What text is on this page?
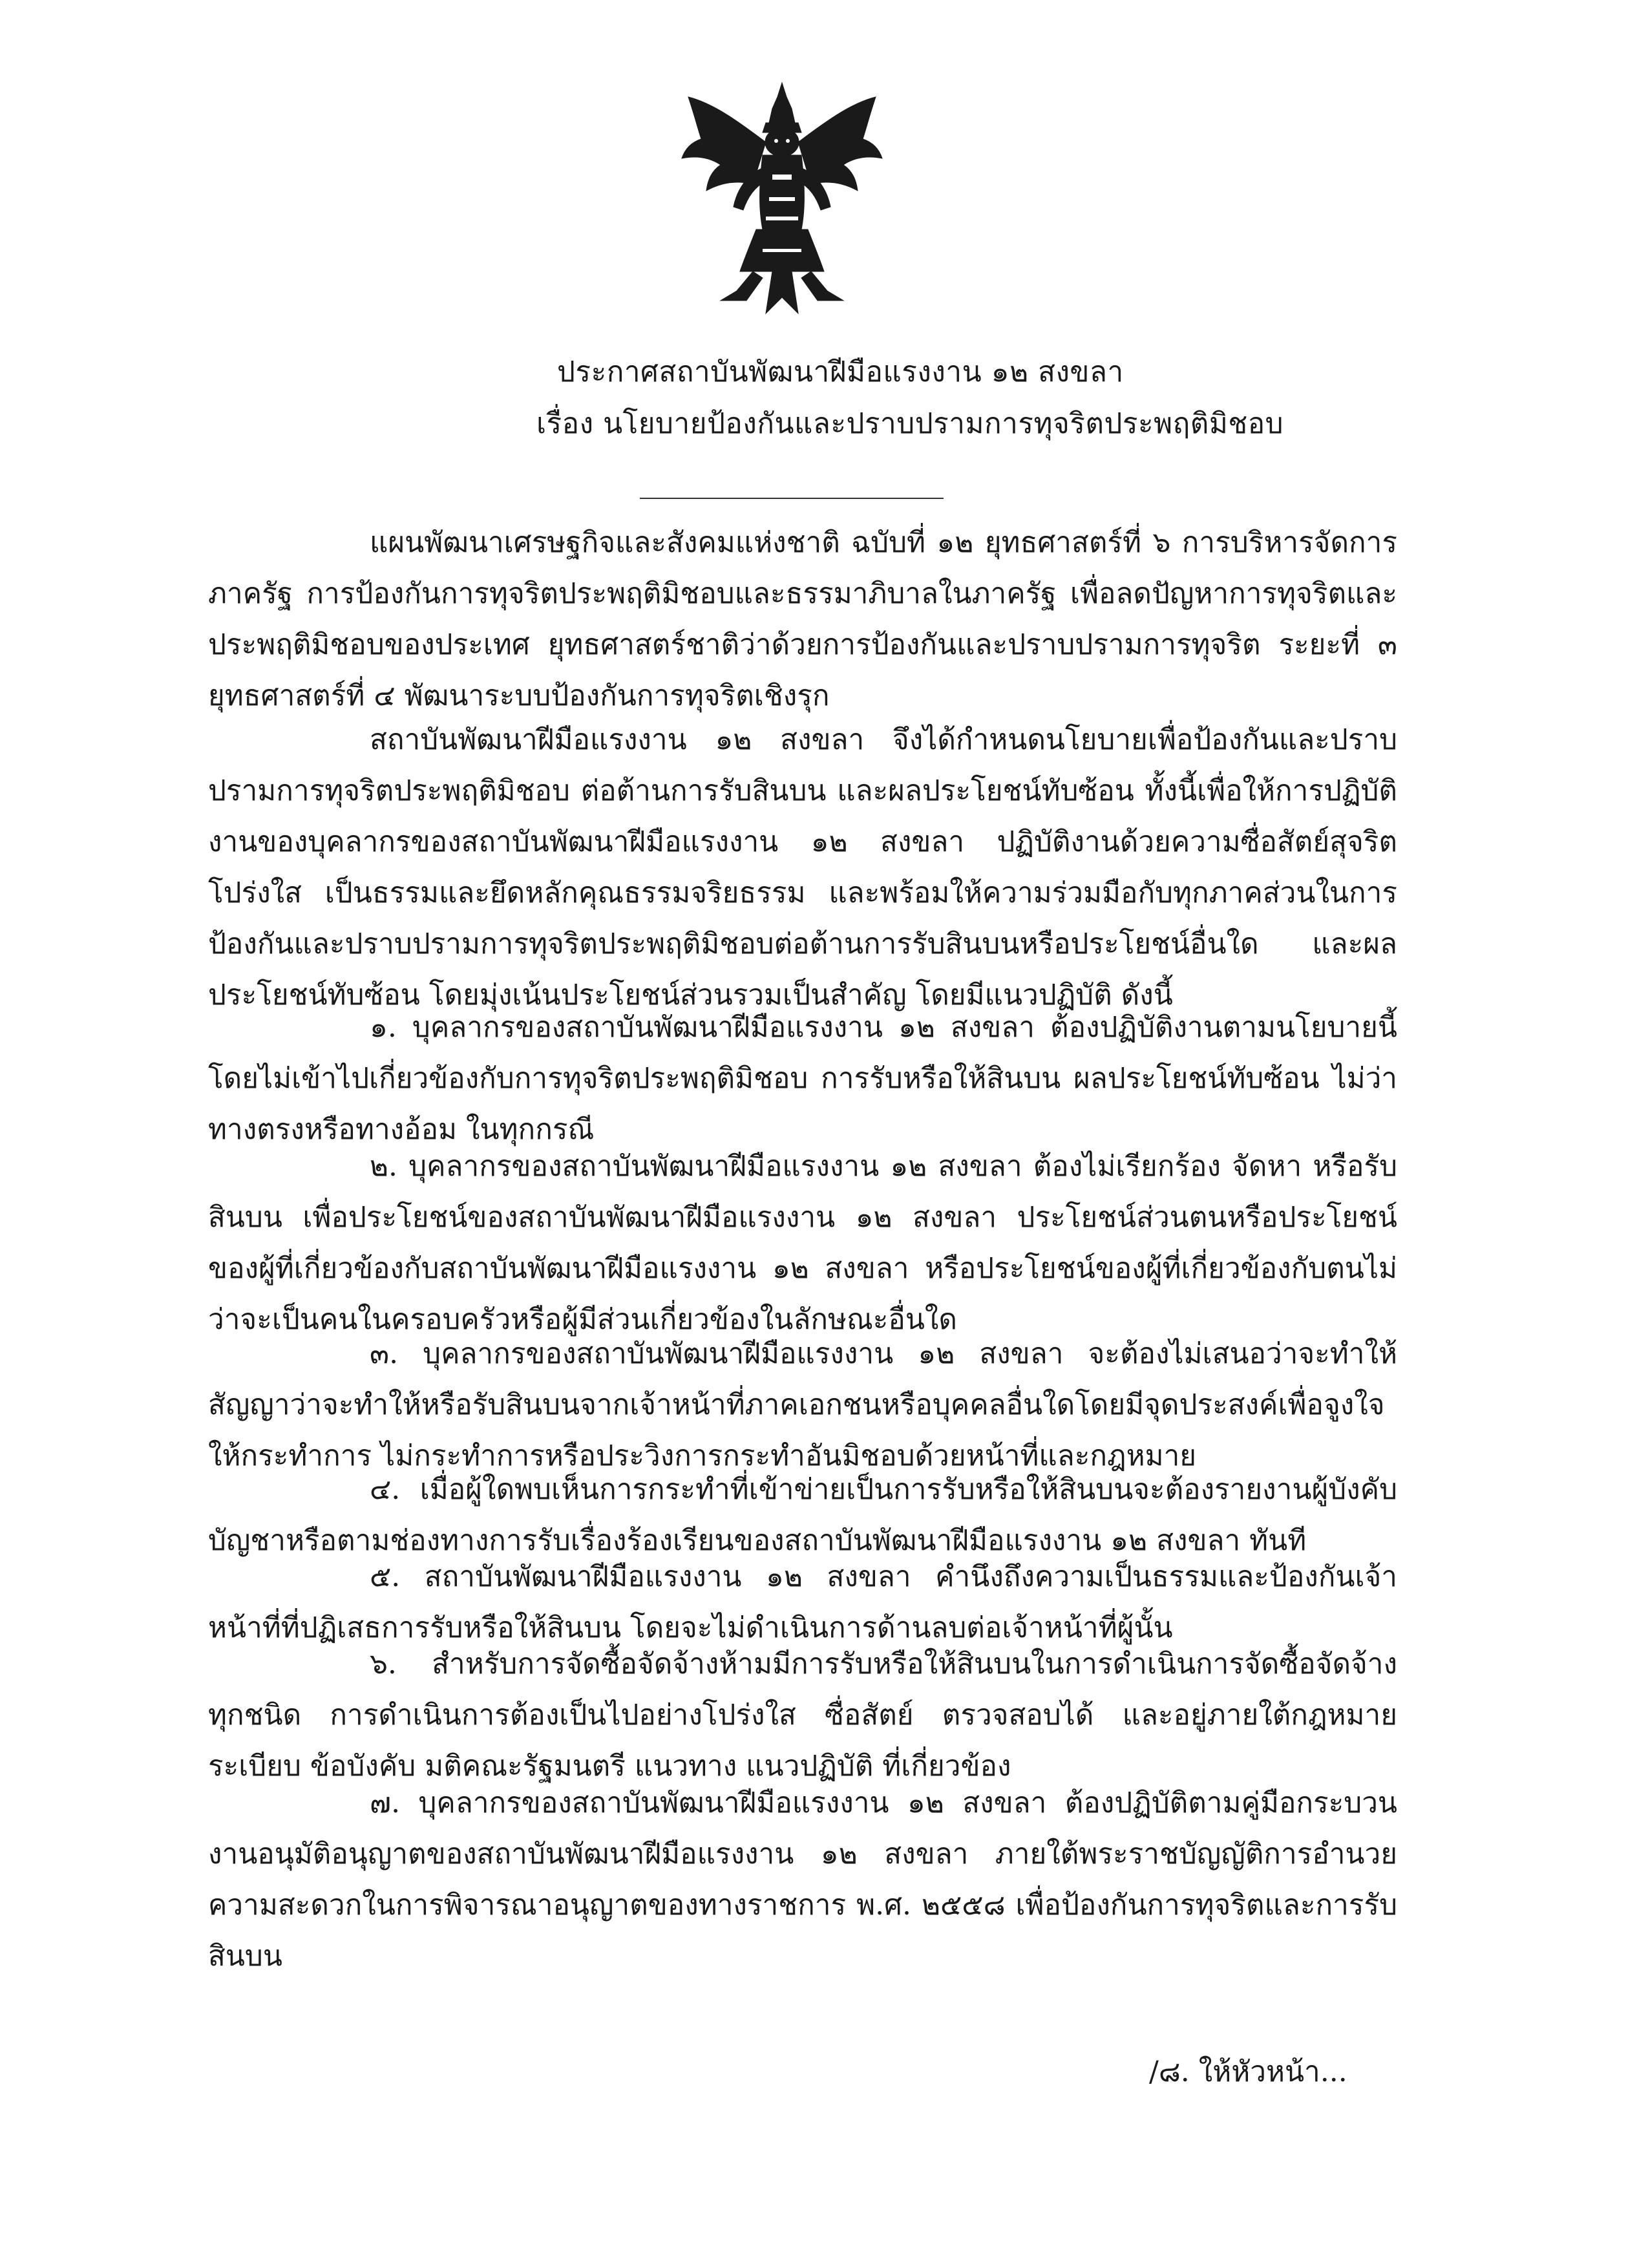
ประกาศสถาบันพัฒนาฝีมือแรงงาน ๑๒ สงขลา
เรื่อง นโยบายป้องกันและปราบปรามการทุจริตประพฤติมิชอบ
แผนพัฒนาเศรษฐกิจและสังคมแห่งชาติ ฉบับที่ ๑๒ ยุทธศาสตร์ที่ ๖ การบริหารจัดการภาครัฐ การป้องกันการทุจริตประพฤติมิชอบและธรรมาภิบาลในภาครัฐ เพื่อลดปัญหาการทุจริตและประพฤติมิชอบของประเทศ ยุทธศาสตร์ชาติว่าด้วยการป้องกันและปราบปรามการทุจริต ระยะที่ ๓ ยุทธศาสตร์ที่ ๔ พัฒนาระบบป้องกันการทุจริตเชิงรุก
สถาบันพัฒนาฝีมือแรงงาน ๑๒ สงขลา จึงได้กำหนดนโยบายเพื่อป้องกันและปราบปรามการทุจริตประพฤติมิชอบ ต่อต้านการรับสินบน และผลประโยชน์ทับซ้อน ทั้งนี้เพื่อให้การปฏิบัติงานของบุคลากรของสถาบันพัฒนาฝีมือแรงงาน ๑๒ สงขลา ปฏิบัติงานด้วยความซื่อสัตย์สุจริต โปร่งใส เป็นธรรมและยึดหลักคุณธรรมจริยธรรม และพร้อมให้ความร่วมมือกับทุกภาคส่วนในการป้องกันและปราบปรามการทุจริตประพฤติมิชอบต่อต้านการรับสินบนหรือประโยชน์อื่นใด และผลประโยชน์ทับซ้อน โดยมุ่งเน้นประโยชน์ส่วนรวมเป็นสำคัญ โดยมีแนวปฏิบัติ ดังนี้
๑. บุคลากรของสถาบันพัฒนาฝีมือแรงงาน ๑๒ สงขลา ต้องปฏิบัติงานตามนโยบายนี้โดยไม่เข้าไปเกี่ยวข้องกับการทุจริตประพฤติมิชอบ การรับหรือให้สินบน ผลประโยชน์ทับซ้อน ไม่ว่าทางตรงหรือทางอ้อม ในทุกกรณี
๒. บุคลากรของสถาบันพัฒนาฝีมือแรงงาน ๑๒ สงขลา ต้องไม่เรียกร้อง จัดหา หรือรับสินบน เพื่อประโยชน์ของสถาบันพัฒนาฝีมือแรงงาน ๑๒ สงขลา ประโยชน์ส่วนตนหรือประโยชน์ของผู้ที่เกี่ยวข้องกับสถาบันพัฒนาฝีมือแรงงาน ๑๒ สงขลา หรือประโยชน์ของผู้ที่เกี่ยวข้องกับตนไม่ว่าจะเป็นคนในครอบครัวหรือผู้มีส่วนเกี่ยวข้องในลักษณะอื่นใด
๓. บุคลากรของสถาบันพัฒนาฝีมือแรงงาน ๑๒ สงขลา จะต้องไม่เสนอว่าจะทำให้ สัญญาว่าจะทำให้หรือรับสินบนจากเจ้าหน้าที่ภาคเอกชนหรือบุคคลอื่นใดโดยมีจุดประสงค์เพื่อจูงใจให้กระทำการ ไม่กระทำการหรือประวิงการกระทำอันมิชอบด้วยหน้าที่และกฎหมาย
๔. เมื่อผู้ใดพบเห็นการกระทำที่เข้าข่ายเป็นการรับหรือให้สินบนจะต้องรายงานผู้บังคับบัญชาหรือตามช่องทางการรับเรื่องร้องเรียนของสถาบันพัฒนาฝีมือแรงงาน ๑๒ สงขลา ทันที
๕. สถาบันพัฒนาฝีมือแรงงาน ๑๒ สงขลา คำนึงถึงความเป็นธรรมและป้องกันเจ้าหน้าที่ที่ปฏิเสธการรับหรือให้สินบน โดยจะไม่ดำเนินการด้านลบต่อเจ้าหน้าที่ผู้นั้น
๖. สำหรับการจัดซื้อจัดจ้างห้ามมีการรับหรือให้สินบนในการดำเนินการจัดซื้อจัดจ้างทุกชนิด การดำเนินการต้องเป็นไปอย่างโปร่งใส ซื่อสัตย์ ตรวจสอบได้ และอยู่ภายใต้กฎหมาย ระเบียบ ข้อบังคับ มติคณะรัฐมนตรี แนวทาง แนวปฏิบัติ ที่เกี่ยวข้อง
๗. บุคลากรของสถาบันพัฒนาฝีมือแรงงาน ๑๒ สงขลา ต้องปฏิบัติตามคู่มือกระบวนงานอนุมัติอนุญาตของสถาบันพัฒนาฝีมือแรงงาน ๑๒ สงขลา ภายใต้พระราชบัญญัติการอำนวยความสะดวกในการพิจารณาอนุญาตของทางราชการ พ.ศ. ๒๕๕๘ เพื่อป้องกันการทุจริตและการรับสินบน
/๘. ให้หัวหน้า...
